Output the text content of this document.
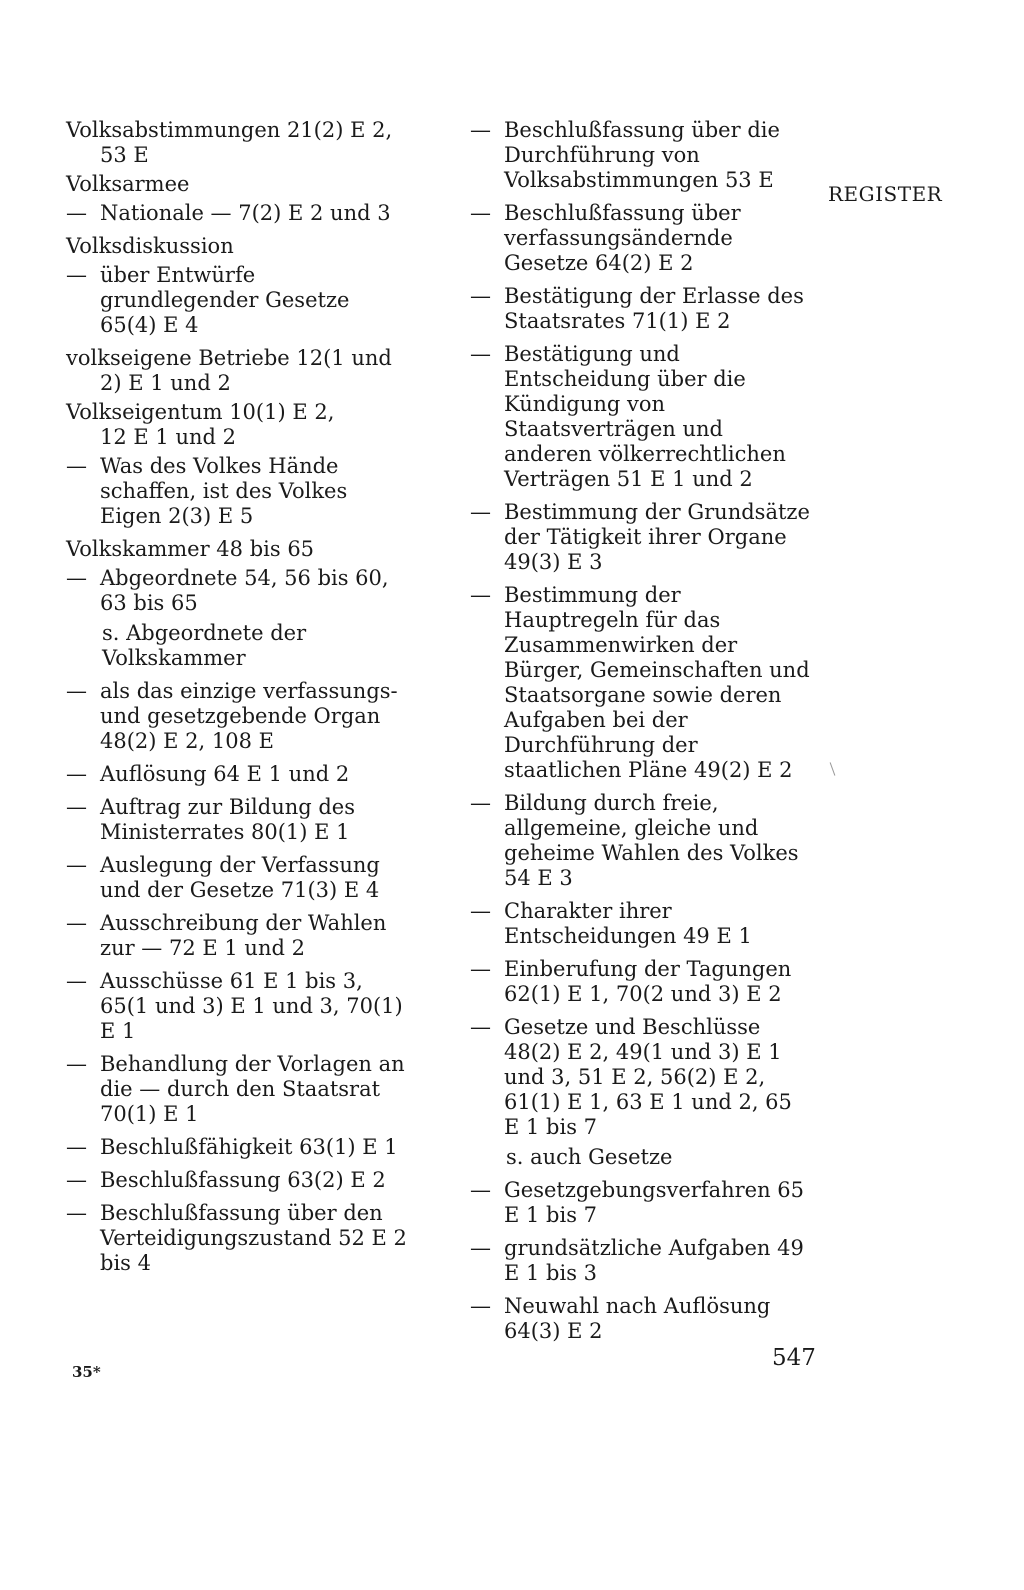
Volksabstimmungen 21(2) E 2,
53 E
Volksarmee
— Nationale — 7(2) E 2 und 3
Volksdiskussion
— über Entwürfe grundlegender Gesetze 65(4) E 4
volkseigene Betriebe 12(1 und
2) E 1 und 2
Volkseigentum 10(1) E 2,
12 E 1 und 2
— Was des Volkes Hände schaffen, ist des Volkes Eigen 2(3) E 5
Volkskammer 48 bis 65
— Abgeordnete 54, 56 bis 60, 63 bis 65
s. Abgeordnete der Volkskammer
— als das einzige verfassungs- und gesetzgebende Organ 48(2) E 2, 108 E
— Auflösung 64 E 1 und 2
— Auftrag zur Bildung des Ministerrates 80(1) E 1
— Auslegung der Verfassung und der Gesetze 71(3) E 4
— Ausschreibung der Wahlen zur — 72 E 1 und 2
— Ausschüsse 61 E 1 bis 3, 65(1 und 3) E 1 und 3, 70(1) E 1
— Behandlung der Vorlagen an die — durch den Staatsrat 70(1) E 1
— Beschlußfähigkeit 63(1) E 1
— Beschlußfassung 63(2) E 2
— Beschlußfassung über den Verteidigungszustand 52 E 2 bis 4
— Beschlußfassung über die Durchführung von Volksabstimmungen 53 E
— Beschlußfassung über verfassungsändernde Gesetze 64(2) E 2
— Bestätigung der Erlasse des Staatsrates 71(1) E 2
— Bestätigung und Entscheidung über die Kündigung von Staatsverträgen und anderen völkerrechtlichen Verträgen 51 E 1 und 2
— Bestimmung der Grundsätze der Tätigkeit ihrer Organe 49(3) E 3
— Bestimmung der Hauptregeln für das Zusammenwirken der Bürger, Gemeinschaften und Staatsorgane sowie deren Aufgaben bei der Durchführung der staatlichen Pläne 49(2) E 2
— Bildung durch freie, allgemeine, gleiche und geheime Wahlen des Volkes 54 E 3
— Charakter ihrer Entscheidungen 49 E 1
— Einberufung der Tagungen 62(1) E 1, 70(2 und 3) E 2
— Gesetze und Beschlüsse 48(2) E 2, 49(1 und 3) E 1 und 3, 51 E 2, 56(2) E 2, 61(1) E 1, 63 E 1 und 2, 65 E 1 bis 7
s. auch Gesetze
— Gesetzgebungsverfahren 65 E 1 bis 7
— grundsätzliche Aufgaben 49 E 1 bis 3
— Neuwahl nach Auflösung 64(3) E 2
REGISTER
547
35*
